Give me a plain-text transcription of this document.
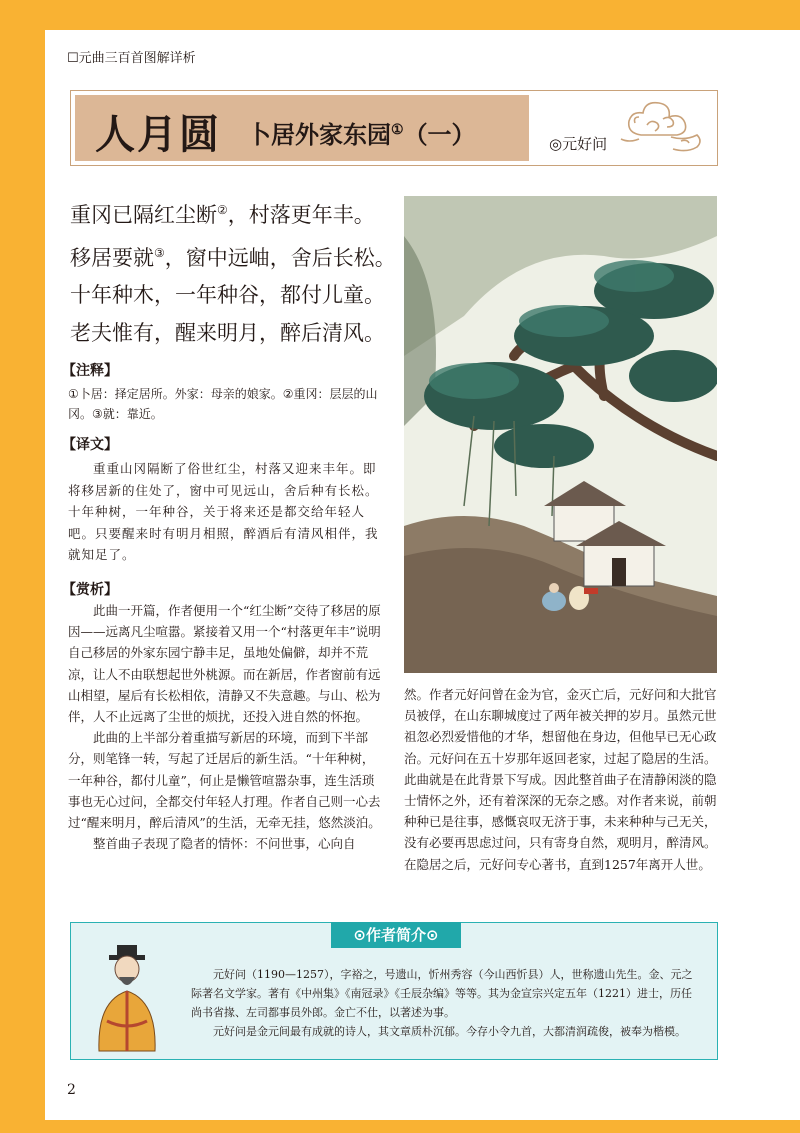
☐元曲三百首图解详析
人月圆 卜居外家东园①（一）	◎元好问
重冈已隔红尘断②，村落更年丰。
移居要就③，窗中远岫，舍后长松。
十年种木，一年种谷，都付儿童。
老夫惟有，醒来明月，醉后清风。
【注释】
①卜居：择定居所。外家：母亲的娘家。②重冈：层层的山冈。③就：靠近。
【译文】
重重山冈隔断了俗世红尘，村落又迎来丰年。即将移居新的住处了，窗中可见远山，舍后种有长松。十年种树，一年种谷，关于将来还是都交给年轻人吧。只要醒来时有明月相照，醉酒后有清风相伴，我就知足了。
【赏析】

此曲一开篇，作者便用一个“红尘断”交待了移居的原因——远离凡尘喧嚣。紧接着又用一个“村落更年丰”说明自己移居的外家东园宁静丰足，虽地处偏僻，却并不荒凉，让人不由联想起世外桃源。而在新居，作者窗前有远山相望，屋后有长松相依，清静又不失意趣。与山、松为伴，人不止远离了尘世的烦扰，还投入进自然的怀抱。

此曲的上半部分着重描写新居的环境，而到下半部分，则笔锋一转，写起了迁居后的新生活。“十年种树，一年种谷，都付儿童”，何止是懒管喧嚣杂事，连生活琐事也无心过问，全都交付年轻人打理。作者自己则一心去过“醒来明月，醉后清风”的生活，无牵无挂，悠然淡泊。

整首曲子表现了隐者的情怀：不问世事，心向自

然。作者元好问曾在金为官，金灭亡后，元好问和大批官员被俘，在山东聊城度过了两年被关押的岁月。虽然元世祖忽必烈爱惜他的才华，想留他在身边，但他早已无心政治。元好问在五十岁那年返回老家，过起了隐居的生活。此曲就是在此背景下写成。因此整首曲子在清静闲淡的隐士情怀之外，还有着深深的无奈之感。对作者来说，前朝种种已是往事，感慨哀叹无济于事，未来种种与己无关，没有必要再思虑过问，只有寄身自然，观明月，醉清风。在隐居之后，元好问专心著书，直到1257年离开人世。
⊙作者简介⊙

元好问（1190—1257），字裕之，号遗山，忻州秀容（今山西忻县）人，世称遗山先生。金、元之际著名文学家。著有《中州集》《南冠录》《壬辰杂编》等等。其为金宣宗兴定五年（1221）进士，历任尚书省掾、左司都事员外郎。金亡不仕，以著述为事。

元好问是金元间最有成就的诗人，其文章质朴沉郁。今存小令九首，大都清润疏俊，被奉为楷模。

2
